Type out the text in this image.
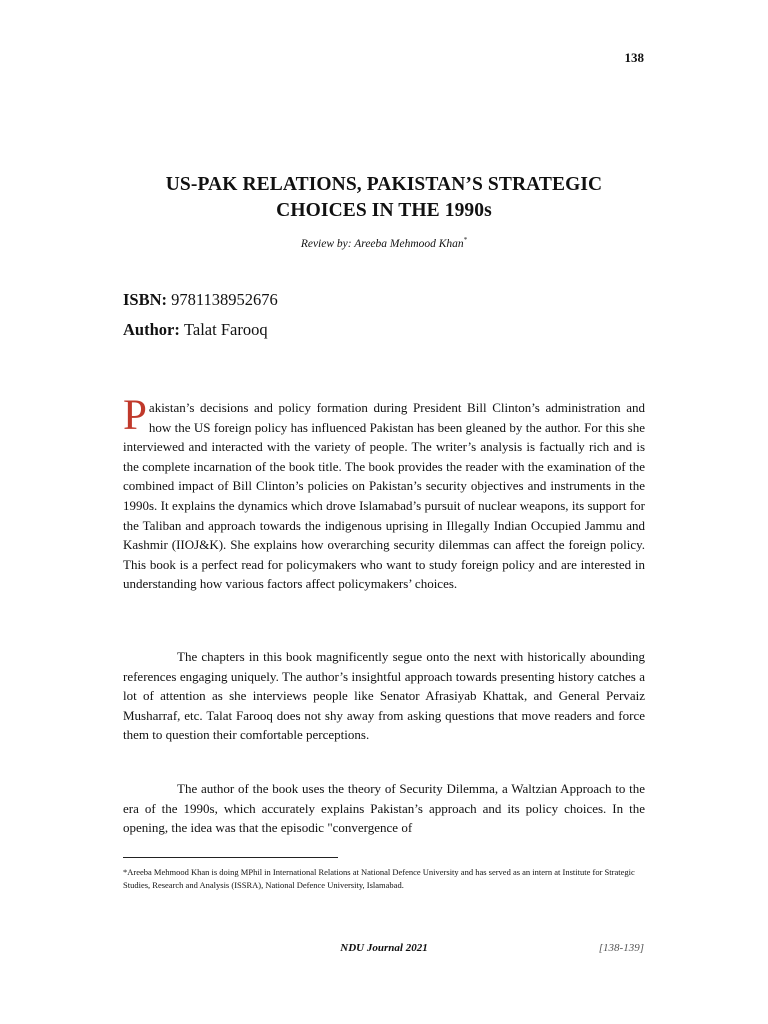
138
US-PAK RELATIONS, PAKISTAN’S STRATEGIC
CHOICES IN THE 1990s
Review by: Areeba Mehmood Khan*
ISBN: 9781138952676
Author: Talat Farooq

Pakistan’s decisions and policy formation during President Bill Clinton’s administration and how the US foreign policy has influenced Pakistan has been gleaned by the author. For this she interviewed and interacted with the variety of people. The writer’s analysis is factually rich and is the complete incarnation of the book title. The book provides the reader with the examination of the combined impact of Bill Clinton’s policies on Pakistan’s security objectives and instruments in the 1990s. It explains the dynamics which drove Islamabad’s pursuit of nuclear weapons, its support for the Taliban and approach towards the indigenous uprising in Illegally Indian Occupied Jammu and Kashmir (IIOJ&K). She explains how overarching security dilemmas can affect the foreign policy. This book is a perfect read for policymakers who want to study foreign policy and are interested in understanding how various factors affect policymakers’ choices.

The chapters in this book magnificently segue onto the next with historically abounding references engaging uniquely. The author’s insightful approach towards presenting history catches a lot of attention as she interviews people like Senator Afrasiyab Khattak, and General Pervaiz Musharraf, etc. Talat Farooq does not shy away from asking questions that move readers and force them to question their comfortable perceptions.

The author of the book uses the theory of Security Dilemma, a Waltzian Approach to the era of the 1990s, which accurately explains Pakistan’s approach and its policy choices. In the opening, the idea was that the episodic "convergence of

*Areeba Mehmood Khan is doing MPhil in International Relations at National Defence University and has served as an intern at Institute for Strategic Studies, Research and Analysis (ISSRA), National Defence University, Islamabad.
NDU Journal 2021	[138-139]
